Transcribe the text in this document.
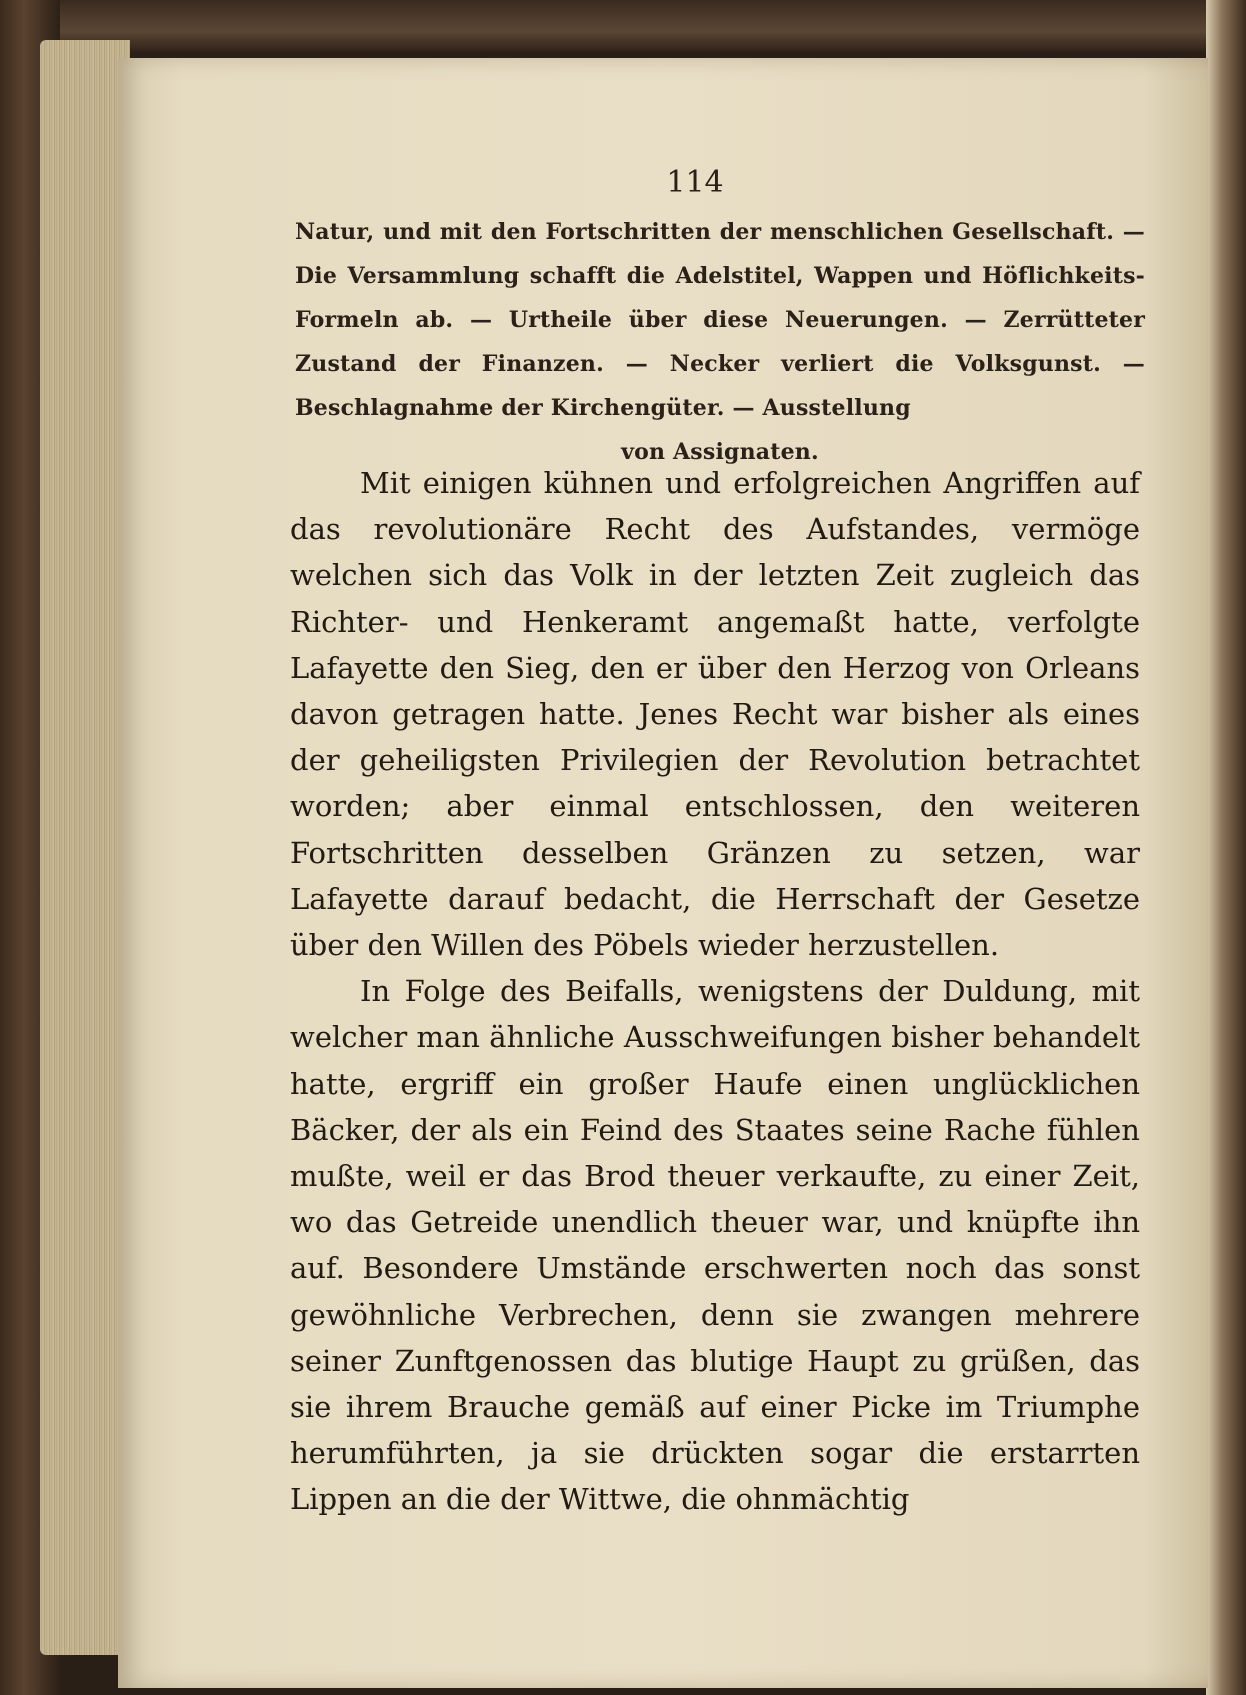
114
Natur, und mit den Fortschritten der menschlichen Gesellschaft. — Die Versammlung schafft die Adelstitel, Wappen und Höflichkeits-Formeln ab. — Urtheile über diese Neuerungen. — Zerrütteter Zustand der Finanzen. — Necker verliert die Volksgunst. — Beschlagnahme der Kirchengüter. — Ausstellung
von Assignaten.

Mit einigen kühnen und erfolgreichen Angriffen auf das revolutionäre Recht des Aufstandes, vermöge welchen sich das Volk in der letzten Zeit zugleich das Richter- und Henkeramt angemaßt hatte, verfolgte Lafayette den Sieg, den er über den Herzog von Orleans davon getragen hatte. Jenes Recht war bisher als eines der geheiligsten Privilegien der Revolution betrachtet worden; aber einmal entschlossen, den weiteren Fortschritten desselben Gränzen zu setzen, war Lafayette darauf bedacht, die Herrschaft der Gesetze über den Willen des Pöbels wieder herzustellen.

In Folge des Beifalls, wenigstens der Duldung, mit welcher man ähnliche Ausschweifungen bisher behandelt hatte, ergriff ein großer Haufe einen unglücklichen Bäcker, der als ein Feind des Staates seine Rache fühlen mußte, weil er das Brod theuer verkaufte, zu einer Zeit, wo das Getreide unendlich theuer war, und knüpfte ihn auf. Besondere Umstände erschwerten noch das sonst gewöhnliche Verbrechen, denn sie zwangen mehrere seiner Zunftgenossen das blutige Haupt zu grüßen, das sie ihrem Brauche gemäß auf einer Picke im Triumphe herumführten, ja sie drückten sogar die erstarrten Lippen an die der Wittwe, die ohnmächtig
